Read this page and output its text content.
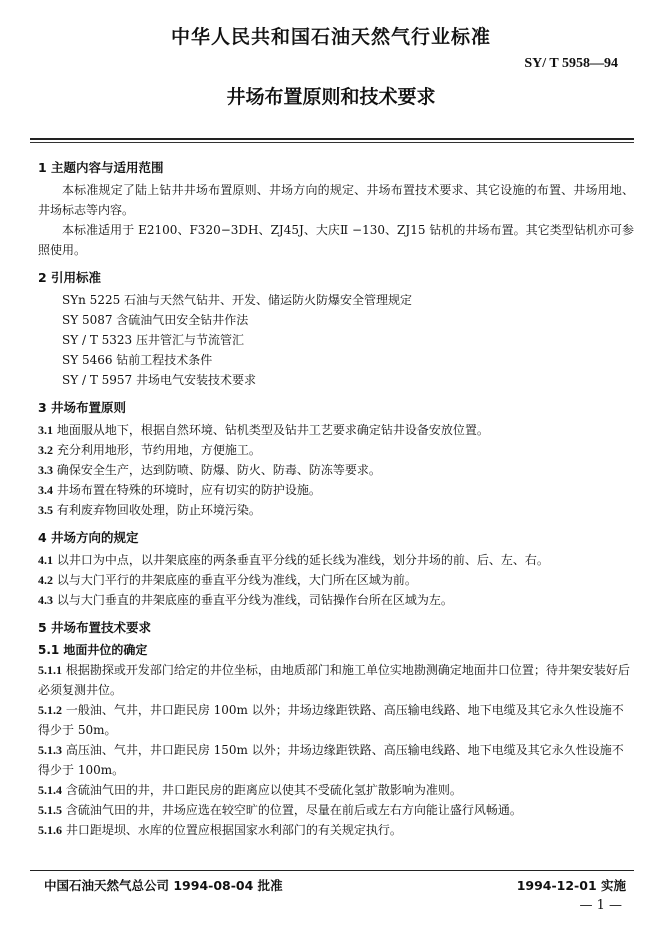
中华人民共和国石油天然气行业标准
SY/ T 5958—94
井场布置原则和技术要求
1 主题内容与适用范围
本标准规定了陆上钻井井场布置原则、井场方向的规定、井场布置技术要求、其它设施的布置、井场用地、井场标志等内容。
本标准适用于 E2100、F320−3DH、ZJ45J、大庆Ⅱ −130、ZJ15 钻机的井场布置。其它类型钻机亦可参照使用。
2 引用标准
SYn 5225 石油与天然气钻井、开发、储运防火防爆安全管理规定
SY 5087 含硫油气田安全钻井作法
SY / T 5323 压井管汇与节流管汇
SY 5466 钻前工程技术条件
SY / T 5957 井场电气安装技术要求
3 井场布置原则
3.1 地面服从地下，根据自然环境、钻机类型及钻井工艺要求确定钻井设备安放位置。
3.2 充分利用地形，节约用地，方便施工。
3.3 确保安全生产，达到防喷、防爆、防火、防毒、防冻等要求。
3.4 井场布置在特殊的环境时，应有切实的防护设施。
3.5 有利废弃物回收处理，防止环境污染。
4 井场方向的规定
4.1 以井口为中点，以井架底座的两条垂直平分线的延长线为准线，划分井场的前、后、左、右。
4.2 以与大门平行的井架底座的垂直平分线为准线，大门所在区域为前。
4.3 以与大门垂直的井架底座的垂直平分线为准线，司钻操作台所在区域为左。
5 井场布置技术要求
5.1 地面井位的确定
5.1.1 根据勘探或开发部门给定的井位坐标，由地质部门和施工单位实地勘测确定地面井口位置；待井架安装好后必须复测井位。
5.1.2 一般油、气井，井口距民房 100m 以外；井场边缘距铁路、高压输电线路、地下电缆及其它永久性设施不得少于 50m。
5.1.3 高压油、气井，井口距民房 150m 以外；井场边缘距铁路、高压输电线路、地下电缆及其它永久性设施不得少于 100m。
5.1.4 含硫油气田的井，井口距民房的距离应以使其不受硫化氢扩散影响为准则。
5.1.5 含硫油气田的井，井场应选在较空旷的位置，尽量在前后或左右方向能让盛行风畅通。
5.1.6 井口距堤坝、水库的位置应根据国家水利部门的有关规定执行。
中国石油天然气总公司 1994-08-04 批准	1994-12-01 实施
— 1 —
